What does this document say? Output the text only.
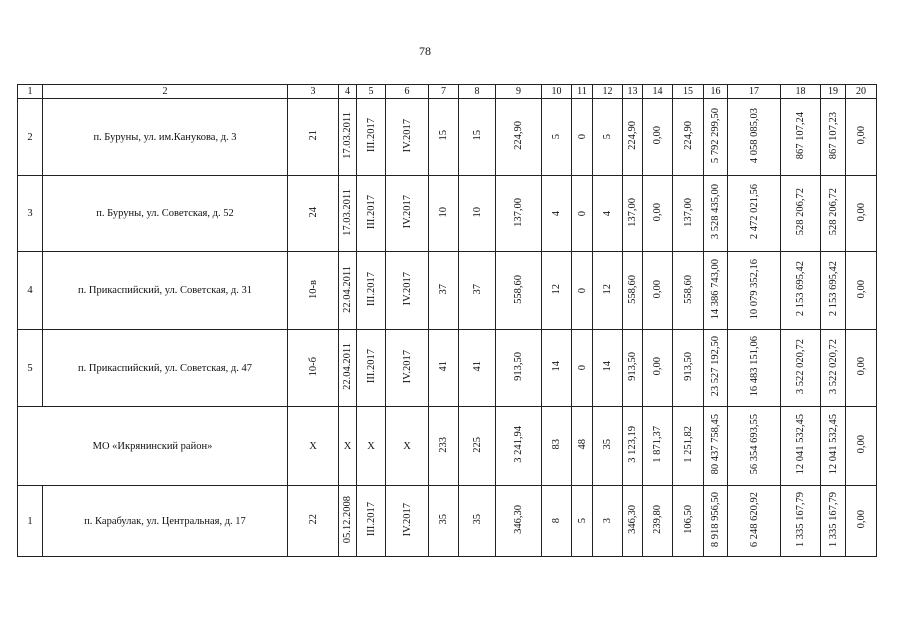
78
1	2	3	4	5	6	7	8	9	10	11	12	13	14	15	16	17	18	19	20
2	п. Буруны, ул. им.Канукова, д. 3	21	17.03.2011	III.2017	IV.2017	15	15	224,90	5	0	5	224,90	0,00	224,90	5 792 299,50	4 058 085,03	867 107,24	867 107,23	0,00
3	п. Буруны, ул. Советская, д. 52	24	17.03.2011	III.2017	IV.2017	10	10	137,00	4	0	4	137,00	0,00	137,00	3 528 435,00	2 472 021,56	528 206,72	528 206,72	0,00
4	п. Прикаспийский, ул. Советская, д. 31	10-в	22.04.2011	III.2017	IV.2017	37	37	558,60	12	0	12	558,60	0,00	558,60	14 386 743,00	10 079 352,16	2 153 695,42	2 153 695,42	0,00
5	п. Прикаспийский, ул. Советская, д. 47	10-б	22.04.2011	III.2017	IV.2017	41	41	913,50	14	0	14	913,50	0,00	913,50	23 527 192,50	16 483 151,06	3 522 020,72	3 522 020,72	0,00
МО «Икрянинский район»		Х	Х	Х	Х	233	225	3 241,94	83	48	35	3 123,19	1 871,37	1 251,82	80 437 758,45	56 354 693,55	12 041 532,45	12 041 532,45	0,00
1	п. Карабулак, ул. Центральная, д. 17	22	05.12.2008	III.2017	IV.2017	35	35	346,30	8	5	3	346,30	239,80	106,50	8 918 956,50	6 248 620,92	1 335 167,79	1 335 167,79	0,00
